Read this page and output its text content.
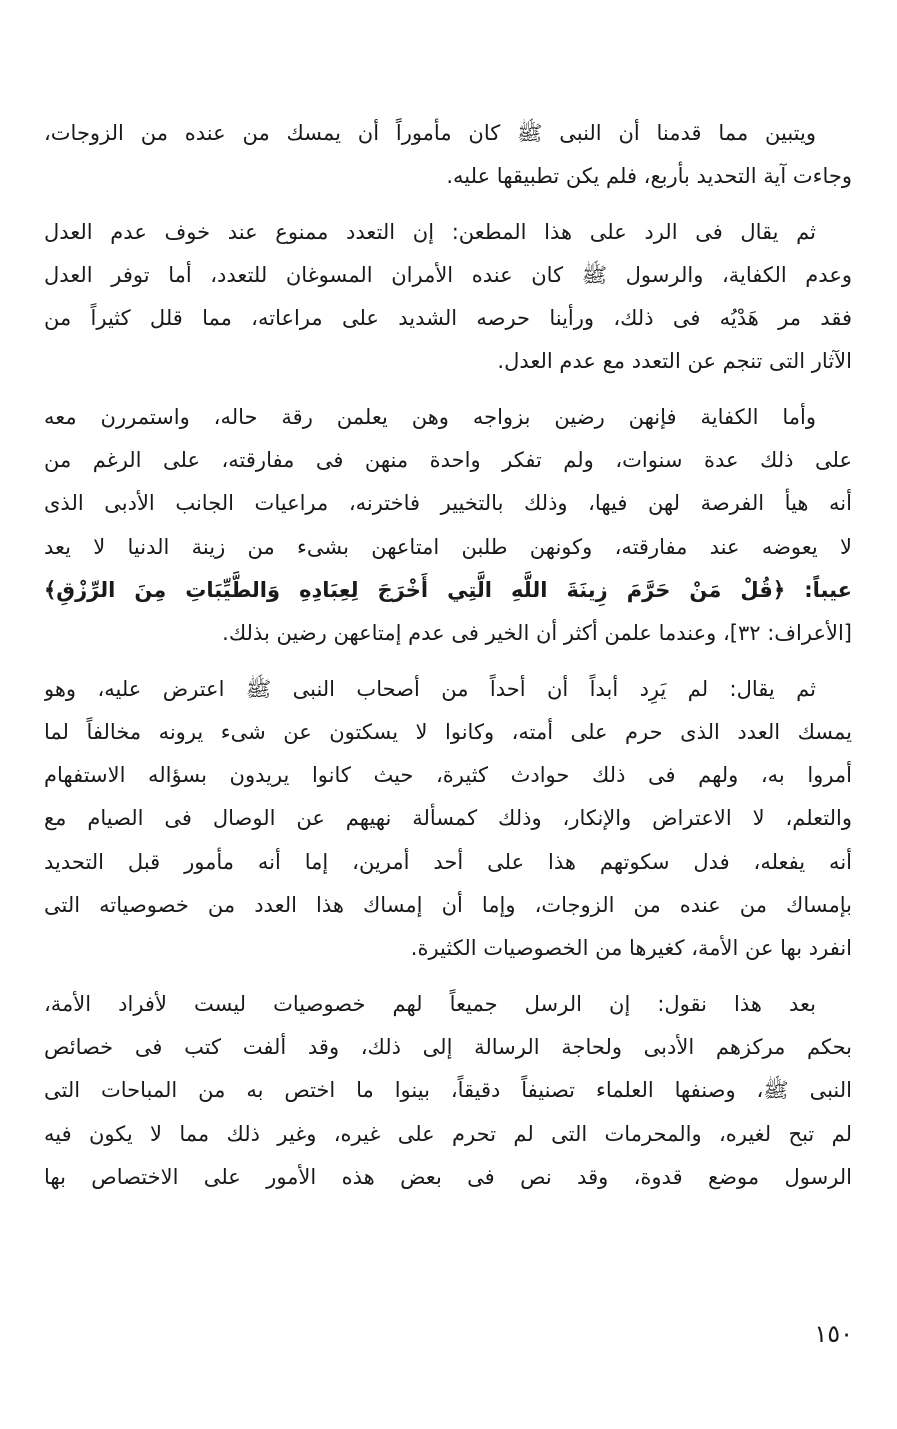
ويتبين مما قدمنا أن النبى ﷺ كان مأموراً أن يمسك من عنده من الزوجات،
وجاءت آية التحديد بأربع، فلم يكن تطبيقها عليه.
ثم يقال فى الرد على هذا المطعن: إن التعدد ممنوع عند خوف عدم العدل
وعدم الكفاية، والرسول ﷺ كان عنده الأمران المسوغان للتعدد، أما توفر العدل
فقد مر هَدْيُه فى ذلك، ورأينا حرصه الشديد على مراعاته، مما قلل كثيراً من
الآثار التى تنجم عن التعدد مع عدم العدل.
وأما الكفاية فإنهن رضين بزواجه وهن يعلمن رقة حاله، واستمررن معه
على ذلك عدة سنوات، ولم تفكر واحدة منهن فى مفارقته، على الرغم من
أنه هيأ الفرصة لهن فيها، وذلك بالتخيير فاخترنه، مراعيات الجانب الأدبى الذى
لا يعوضه عند مفارقته، وكونهن طلبن امتاعهن بشىء من زينة الدنيا لا يعد
عيباً: ﴿قُلْ مَنْ حَرَّمَ زِينَةَ اللَّهِ الَّتِي أَخْرَجَ لِعِبَادِهِ وَالطَّيِّبَاتِ مِنَ الرِّزْقِ﴾
[الأعراف: ٣٢]، وعندما علمن أكثر أن الخير فى عدم إمتاعهن رضين بذلك.
ثم يقال: لم يَرِد أبداً أن أحداً من أصحاب النبى ﷺ اعترض عليه، وهو
يمسك العدد الذى حرم على أمته، وكانوا لا يسكتون عن شىء يرونه مخالفاً لما
أمروا به، ولهم فى ذلك حوادث كثيرة، حيث كانوا يريدون بسؤاله الاستفهام
والتعلم، لا الاعتراض والإنكار، وذلك كمسألة نهيهم عن الوصال فى الصيام مع
أنه يفعله، فدل سكوتهم هذا على أحد أمرين، إما أنه مأمور قبل التحديد
بإمساك من عنده من الزوجات، وإما أن إمساك هذا العدد من خصوصياته التى
انفرد بها عن الأمة، كغيرها من الخصوصيات الكثيرة.
بعد هذا نقول: إن الرسل جميعاً لهم خصوصيات ليست لأفراد الأمة،
بحكم مركزهم الأدبى ولحاجة الرسالة إلى ذلك، وقد ألفت كتب فى خصائص
النبى ﷺ، وصنفها العلماء تصنيفاً دقيقاً، بينوا ما اختص به من المباحات التى
لم تبح لغيره، والمحرمات التى لم تحرم على غيره، وغير ذلك مما لا يكون فيه
الرسول موضع قدوة، وقد نص فى بعض هذه الأمور على الاختصاص بها
١٥٠
